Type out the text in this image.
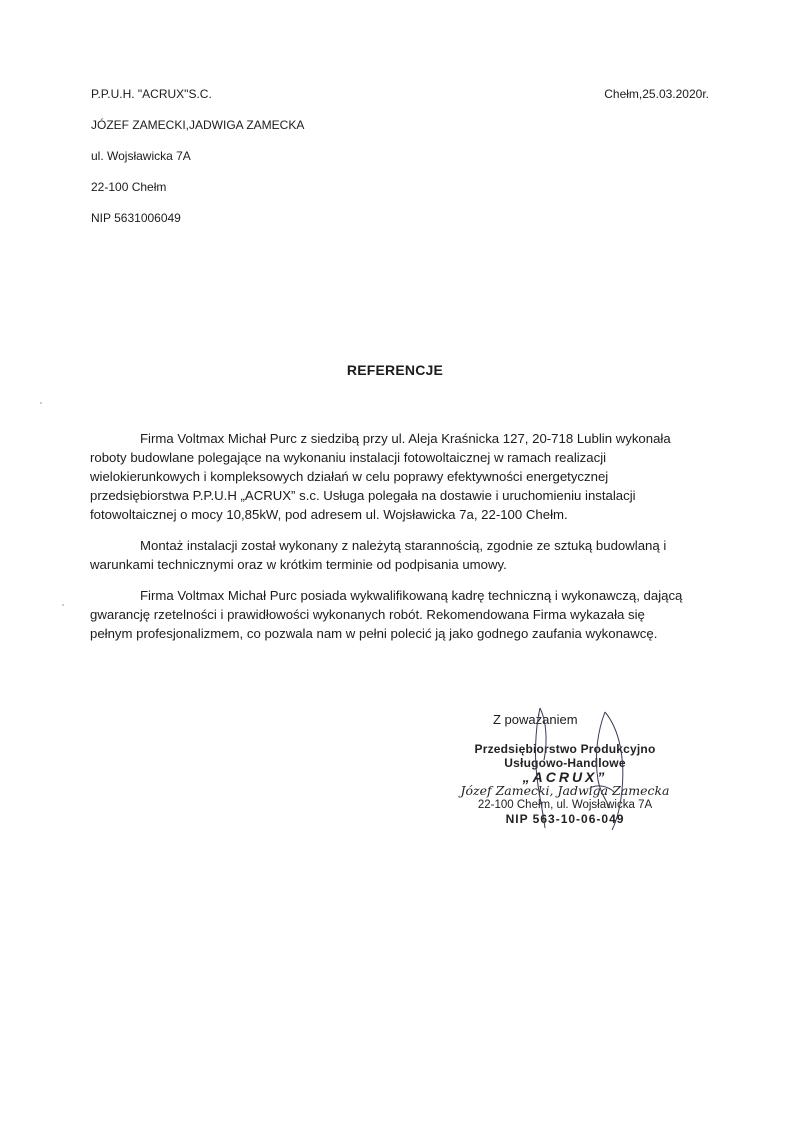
P.P.U.H. "ACRUX"S.C.
JÓZEF ZAMECKI,JADWIGA ZAMECKA
ul. Wojsławicka 7A
22-100 Chełm
NIP 5631006049
Chełm,25.03.2020r.
REFERENCJE

Firma Voltmax Michał Purc z siedzibą przy ul. Aleja Kraśnicka 127, 20-718 Lublin wykonała roboty budowlane polegające na wykonaniu instalacji fotowoltaicznej w ramach realizacji wielokierunkowych i kompleksowych działań w celu poprawy efektywności energetycznej przedsiębiorstwa P.P.U.H „ACRUX” s.c. Usługa polegała na dostawie i uruchomieniu instalacji fotowoltaicznej o mocy 10,85kW, pod adresem ul. Wojsławicka 7a, 22-100 Chełm.

Montaż instalacji został wykonany z należytą starannością, zgodnie ze sztuką budowlaną i warunkami technicznymi oraz w krótkim terminie od podpisania umowy.

Firma Voltmax Michał Purc posiada wykwalifikowaną kadrę techniczną i wykonawczą, dającą gwarancję rzetelności i prawidłowości wykonanych robót. Rekomendowana Firma wykazała się pełnym profesjonalizmem, co pozwala nam w pełni polecić ją jako godnego zaufania wykonawcę.

Z poważaniem
Przedsiębiorstwo Produkcyjno
Usługowo-Handlowe
„ACRUX”
Józef Zamecki, Jadwiga Zamecka
22-100 Chełm, ul. Wojsławicka 7A
NIP 563-10-06-049
